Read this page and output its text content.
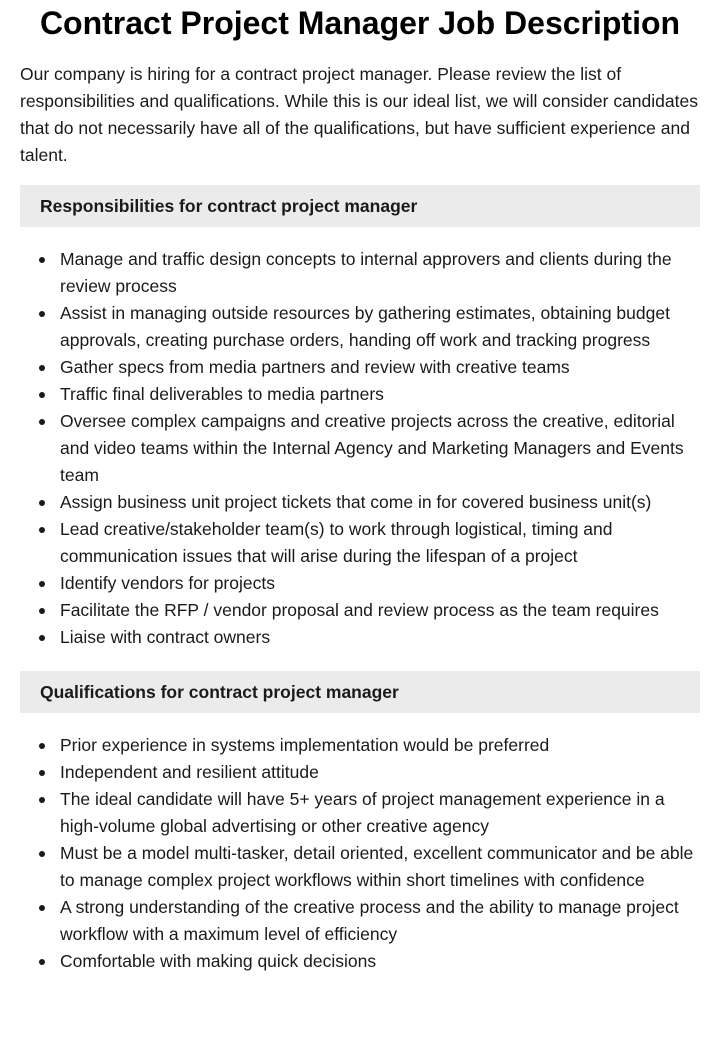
Contract Project Manager Job Description

Our company is hiring for a contract project manager. Please review the list of responsibilities and qualifications. While this is our ideal list, we will consider candidates that do not necessarily have all of the qualifications, but have sufficient experience and talent.

Responsibilities for contract project manager
Manage and traffic design concepts to internal approvers and clients during the review process
Assist in managing outside resources by gathering estimates, obtaining budget approvals, creating purchase orders, handing off work and tracking progress
Gather specs from media partners and review with creative teams
Traffic final deliverables to media partners
Oversee complex campaigns and creative projects across the creative, editorial and video teams within the Internal Agency and Marketing Managers and Events team
Assign business unit project tickets that come in for covered business unit(s)
Lead creative/stakeholder team(s) to work through logistical, timing and communication issues that will arise during the lifespan of a project
Identify vendors for projects
Facilitate the RFP / vendor proposal and review process as the team requires
Liaise with contract owners
Qualifications for contract project manager
Prior experience in systems implementation would be preferred
Independent and resilient attitude
The ideal candidate will have 5+ years of project management experience in a high-volume global advertising or other creative agency
Must be a model multi-tasker, detail oriented, excellent communicator and be able to manage complex project workflows within short timelines with confidence
A strong understanding of the creative process and the ability to manage project workflow with a maximum level of efficiency
Comfortable with making quick decisions
